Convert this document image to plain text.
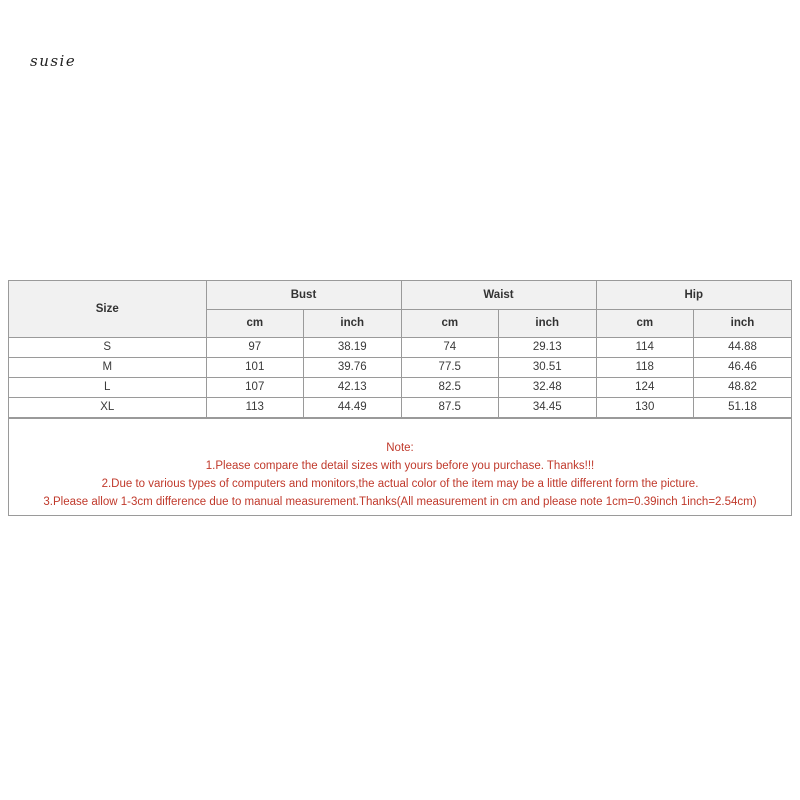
susie
Size	Bust		Waist		Hip	
	cm	inch	cm	inch	cm	inch
S	97	38.19	74	29.13	114	44.88
M	101	39.76	77.5	30.51	118	46.46
L	107	42.13	82.5	32.48	124	48.82
XL	113	44.49	87.5	34.45	130	51.18
Note:
1.Please compare the detail sizes with yours before you purchase. Thanks!!!
2.Due to various types of computers and monitors,the actual color of the item may be a little different form the picture.
3.Please allow 1-3cm difference due to manual measurement.Thanks(All measurement in cm and please note 1cm=0.39inch 1inch=2.54cm)
